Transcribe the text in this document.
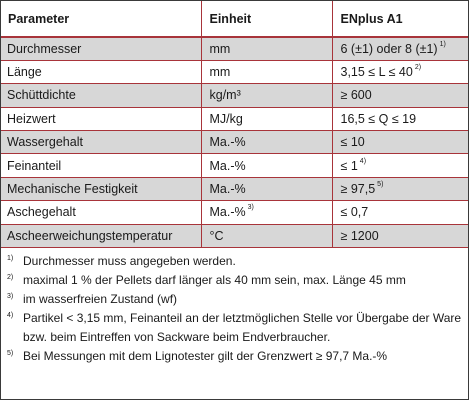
Parameter	Einheit	ENplus A1
Durchmesser	mm	6 (±1) oder 8 (±1) $^{1)}$
Länge	mm	3,15 ≤ L ≤ 40 $^{2)}$
Schüttdichte	kg/m³	≥ 600
Heizwert	MJ/kg	16,5 ≤ Q ≤ 19
Wassergehalt	Ma.-%	≤ 10
Feinanteil	Ma.-%	≤ 1 $^{4)}$
Mechanische Festigkeit	Ma.-%	≥ 97,5 $^{5)}$
Aschegehalt	Ma.-% $^{3)}$	≤ 0,7
Ascheerweichungstemperatur	°C	≥ 1200
1) Durchmesser muss angegeben werden.
2) maximal 1 % der Pellets darf länger als 40 mm sein, max. Länge 45 mm
3) im wasserfreien Zustand (wf)
4) Partikel < 3,15 mm, Feinanteil an der letztmöglichen Stelle vor Übergabe der Ware bzw. beim Eintreffen von Sackware beim Endverbraucher.
5) Bei Messungen mit dem Lignotester gilt der Grenzwert ≥ 97,7 Ma.-%
